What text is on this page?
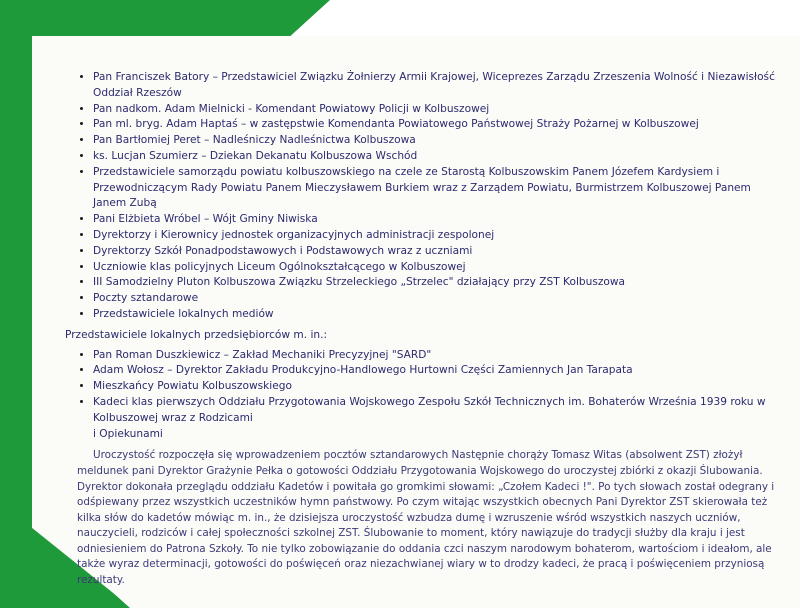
• Pan Franciszek Batory – Przedstawiciel Związku Żołnierzy Armii Krajowej, Wiceprezes Zarządu Zrzeszenia Wolność i Niezawisłość Oddział Rzeszów
• Pan nadkom. Adam Mielnicki - Komendant Powiatowy Policji w Kolbuszowej
• Pan ml. bryg. Adam Haptaś – w zastępstwie Komendanta Powiatowego Państwowej Straży Pożarnej w Kolbuszowej
• Pan Bartłomiej Peret – Nadleśniczy Nadleśnictwa Kolbuszowa
• ks. Lucjan Szumierz – Dziekan Dekanatu Kolbuszowa Wschód
• Przedstawiciele samorządu powiatu kolbuszowskiego na czele ze Starostą Kolbuszowskim Panem Józefem Kardysiem i Przewodniczącym Rady Powiatu Panem Mieczysławem Burkiem wraz z Zarządem Powiatu, Burmistrzem Kolbuszowej Panem Janem Zubą
• Pani Elżbieta Wróbel – Wójt Gminy Niwiska
• Dyrektorzy i Kierownicy jednostek organizacyjnych administracji zespolonej
• Dyrektorzy Szkół Ponadpodstawowych i Podstawowych wraz z uczniami
• Uczniowie klas policyjnych Liceum Ogólnokształcącego w Kolbuszowej
• III Samodzielny Pluton Kolbuszowa Związku Strzeleckiego „Strzelec" działający przy ZST Kolbuszowa
• Poczty sztandarowe
• Przedstawiciele lokalnych mediów
Przedstawiciele lokalnych przedsiębiorców m. in.:
• Pan Roman Duszkiewicz – Zakład Mechaniki Precyzyjnej "SARD"
• Adam Wołosz – Dyrektor Zakładu Produkcyjno-Handlowego Hurtowni Części Zamiennych Jan Tarapata
• Mieszkańcy Powiatu Kolbuszowskiego
• Kadeci klas pierwszych Oddziału Przygotowania Wojskowego Zespołu Szkół Technicznych im. Bohaterów Września 1939 roku w Kolbuszowej wraz z Rodzicami
i Opiekunami

Uroczystość rozpoczęła się wprowadzeniem pocztów sztandarowych Następnie chorąży Tomasz Witas (absolwent ZST) złożył meldunek pani Dyrektor Grażynie Pełka o gotowości Oddziału Przygotowania Wojskowego do uroczystej zbiórki z okazji Ślubowania. Dyrektor dokonała przeglądu oddziału Kadetów i powitała go gromkimi słowami: „Czołem Kadeci !". Po tych słowach został odegrany i odśpiewany przez wszystkich uczestników hymn państwowy. Po czym witając wszystkich obecnych Pani Dyrektor ZST skierowała też kilka słów do kadetów mówiąc m. in., że dzisiejsza uroczystość wzbudza dumę i wzruszenie wśród wszystkich naszych uczniów, nauczycieli, rodziców i całej społeczności szkolnej ZST. Ślubowanie to moment, który nawiązuje do tradycji służby dla kraju i jest odniesieniem do Patrona Szkoły. To nie tylko zobowiązanie do oddania czci naszym narodowym bohaterom, wartościom i ideałom, ale także wyraz determinacji, gotowości do poświęceń oraz niezachwianej wiary w to drodzy kadeci, że pracą i poświęceniem przyniosą rezultaty.
